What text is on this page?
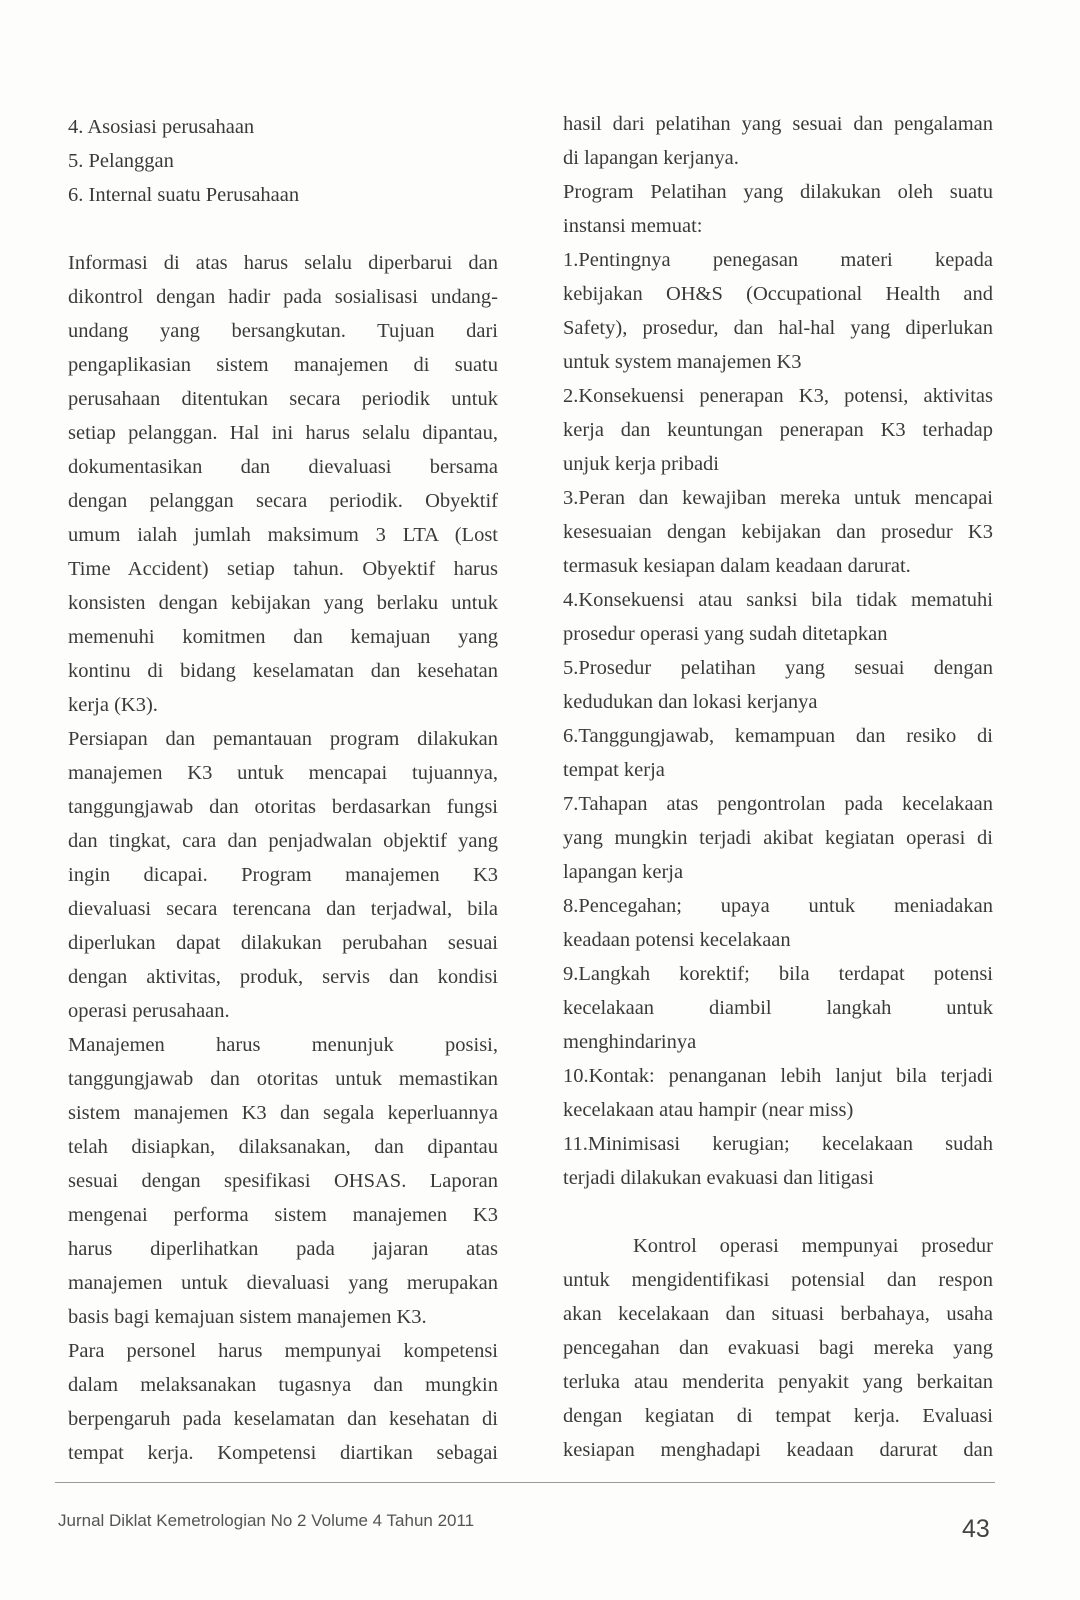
4. Asosiasi perusahaan
5. Pelanggan
6. Internal suatu Perusahaan
Informasi di atas harus selalu diperbarui dan
dikontrol dengan hadir pada sosialisasi undang-
undang yang bersangkutan. Tujuan dari
pengaplikasian sistem manajemen di suatu
perusahaan ditentukan secara periodik untuk
setiap pelanggan. Hal ini harus selalu dipantau,
dokumentasikan dan dievaluasi bersama
dengan pelanggan secara periodik. Obyektif
umum ialah jumlah maksimum 3 LTA (Lost
Time Accident) setiap tahun. Obyektif harus
konsisten dengan kebijakan yang berlaku untuk
memenuhi komitmen dan kemajuan yang
kontinu di bidang keselamatan dan kesehatan
kerja (K3).
Persiapan dan pemantauan program dilakukan
manajemen K3 untuk mencapai tujuannya,
tanggungjawab dan otoritas berdasarkan fungsi
dan tingkat, cara dan penjadwalan objektif yang
ingin dicapai. Program manajemen K3
dievaluasi secara terencana dan terjadwal, bila
diperlukan dapat dilakukan perubahan sesuai
dengan aktivitas, produk, servis dan kondisi
operasi perusahaan.
Manajemen harus menunjuk posisi,
tanggungjawab dan otoritas untuk memastikan
sistem manajemen K3 dan segala keperluannya
telah disiapkan, dilaksanakan, dan dipantau
sesuai dengan spesifikasi OHSAS. Laporan
mengenai performa sistem manajemen K3
harus diperlihatkan pada jajaran atas
manajemen untuk dievaluasi yang merupakan
basis bagi kemajuan sistem manajemen K3.
Para personel harus mempunyai kompetensi
dalam melaksanakan tugasnya dan mungkin
berpengaruh pada keselamatan dan kesehatan di
tempat kerja. Kompetensi diartikan sebagai
hasil dari pelatihan yang sesuai dan pengalaman
di lapangan kerjanya.
Program Pelatihan yang dilakukan oleh suatu
instansi memuat:
1.Pentingnya penegasan materi kepada
kebijakan OH&S (Occupational Health and
Safety), prosedur, dan hal-hal yang diperlukan
untuk system manajemen K3
2.Konsekuensi penerapan K3, potensi, aktivitas
kerja dan keuntungan penerapan K3 terhadap
unjuk kerja pribadi
3.Peran dan kewajiban mereka untuk mencapai
kesesuaian dengan kebijakan dan prosedur K3
termasuk kesiapan dalam keadaan darurat.
4.Konsekuensi atau sanksi bila tidak mematuhi
prosedur operasi yang sudah ditetapkan
5.Prosedur pelatihan yang sesuai dengan
kedudukan dan lokasi kerjanya
6.Tanggungjawab, kemampuan dan resiko di
tempat kerja
7.Tahapan atas pengontrolan pada kecelakaan
yang mungkin terjadi akibat kegiatan operasi di
lapangan kerja
8.Pencegahan; upaya untuk meniadakan
keadaan potensi kecelakaan
9.Langkah korektif; bila terdapat potensi
kecelakaan diambil langkah untuk
menghindarinya
10.Kontak: penanganan lebih lanjut bila terjadi
kecelakaan atau hampir (near miss)
11.Minimisasi kerugian; kecelakaan sudah
terjadi dilakukan evakuasi dan litigasi
Kontrol operasi mempunyai prosedur
untuk mengidentifikasi potensial dan respon
akan kecelakaan dan situasi berbahaya, usaha
pencegahan dan evakuasi bagi mereka yang
terluka atau menderita penyakit yang berkaitan
dengan kegiatan di tempat kerja. Evaluasi
kesiapan menghadapi keadaan darurat dan
Jurnal Diklat Kemetrologian No 2 Volume 4 Tahun 2011	43
